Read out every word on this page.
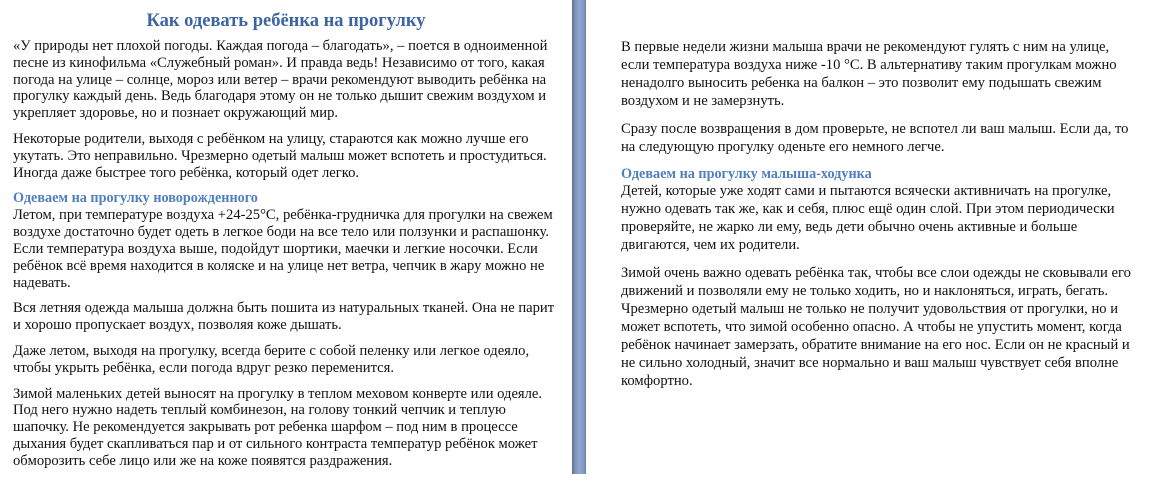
Как одевать ребёнка на прогулку

«У природы нет плохой погоды. Каждая погода – благодать», – поется в одноименной песне из кинофильма «Служебный роман». И правда ведь! Независимо от того, какая погода на улице – солнце, мороз или ветер – врачи рекомендуют выводить ребёнка на прогулку каждый день. Ведь благодаря этому он не только дышит свежим воздухом и укрепляет здоровье, но и познает окружающий мир.

Некоторые родители, выходя с ребёнком на улицу, стараются как можно лучше его укутать. Это неправильно. Чрезмерно одетый малыш может вспотеть и простудиться. Иногда даже быстрее того ребёнка, который одет легко.

Одеваем на прогулку новорожденного

Летом, при температуре воздуха +24-25°C, ребёнка-грудничка для прогулки на свежем воздухе достаточно будет одеть в легкое боди на все тело или ползунки и распашонку. Если температура воздуха выше, подойдут шортики, маечки и легкие носочки. Если ребёнок всё время находится в коляске и на улице нет ветра, чепчик в жару можно не надевать.

Вся летняя одежда малыша должна быть пошита из натуральных тканей. Она не парит и хорошо пропускает воздух, позволяя коже дышать.

Даже летом, выходя на прогулку, всегда берите с собой пеленку или легкое одеяло, чтобы укрыть ребёнка, если погода вдруг резко переменится.

Зимой маленьких детей выносят на прогулку в теплом меховом конверте или одеяле. Под него нужно надеть теплый комбинезон, на голову тонкий чепчик и теплую шапочку. Не рекомендуется закрывать рот ребенка шарфом – под ним в процессе дыхания будет скапливаться пар и от сильного контраста температур ребёнок может обморозить себе лицо или же на коже появятся раздражения.

В первые недели жизни малыша врачи не рекомендуют гулять с ним на улице, если температура воздуха ниже -10 °C. В альтернативу таким прогулкам можно ненадолго выносить ребенка на балкон – это позволит ему подышать свежим воздухом и не замерзнуть.

Сразу после возвращения в дом проверьте, не вспотел ли ваш малыш. Если да, то на следующую прогулку оденьте его немного легче.

Одеваем на прогулку малыша-ходунка

Детей, которые уже ходят сами и пытаются всячески активничать на прогулке, нужно одевать так же, как и себя, плюс ещё один слой. При этом периодически проверяйте, не жарко ли ему, ведь дети обычно очень активные и больше двигаются, чем их родители.

Зимой очень важно одевать ребёнка так, чтобы все слои одежды не сковывали его движений и позволяли ему не только ходить, но и наклоняться, играть, бегать. Чрезмерно одетый малыш не только не получит удовольствия от прогулки, но и может вспотеть, что зимой особенно опасно. А чтобы не упустить момент, когда ребёнок начинает замерзать, обратите внимание на его нос. Если он не красный и не сильно холодный, значит все нормально и ваш малыш чувствует себя вполне комфортно.
